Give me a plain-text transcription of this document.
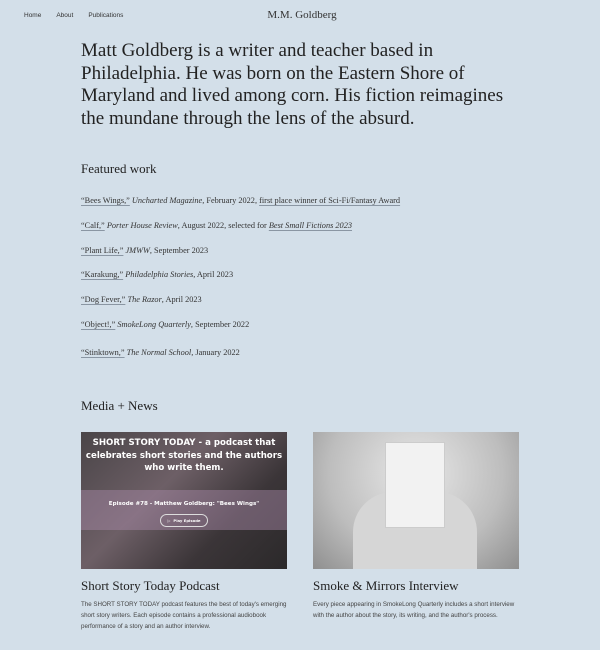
Home About Publications	M.M. Goldberg
Matt Goldberg is a writer and teacher based in Philadelphia. He was born on the Eastern Shore of Maryland and lived among corn. His fiction reimagines the mundane through the lens of the absurd.
Featured work
“Bees Wings,” Uncharted Magazine, February 2022, first place winner of Sci-Fi/Fantasy Award
“Calf,” Porter House Review, August 2022, selected for Best Small Fictions 2023
“Plant Life,” JMWW, September 2023
“Karakung,” Philadelphia Stories, April 2023
“Dog Fever,” The Razor, April 2023
“Object!,” SmokeLong Quarterly, September 2022
“Stinktown,” The Normal School, January 2022
Media + News
SHORT STORY TODAY - a podcast that celebrates short stories and the authors who write them.
Episode #78 - Matthew Goldberg: "Bees Wings"
▷ Play Episode
Short Story Today Podcast

The SHORT STORY TODAY podcast features the best of today's emerging short story writers. Each episode contains a professional audiobook performance of a story and an author interview.

Smoke & Mirrors Interview

Every piece appearing in SmokeLong Quarterly includes a short interview with the author about the story, its writing, and the author's process.
